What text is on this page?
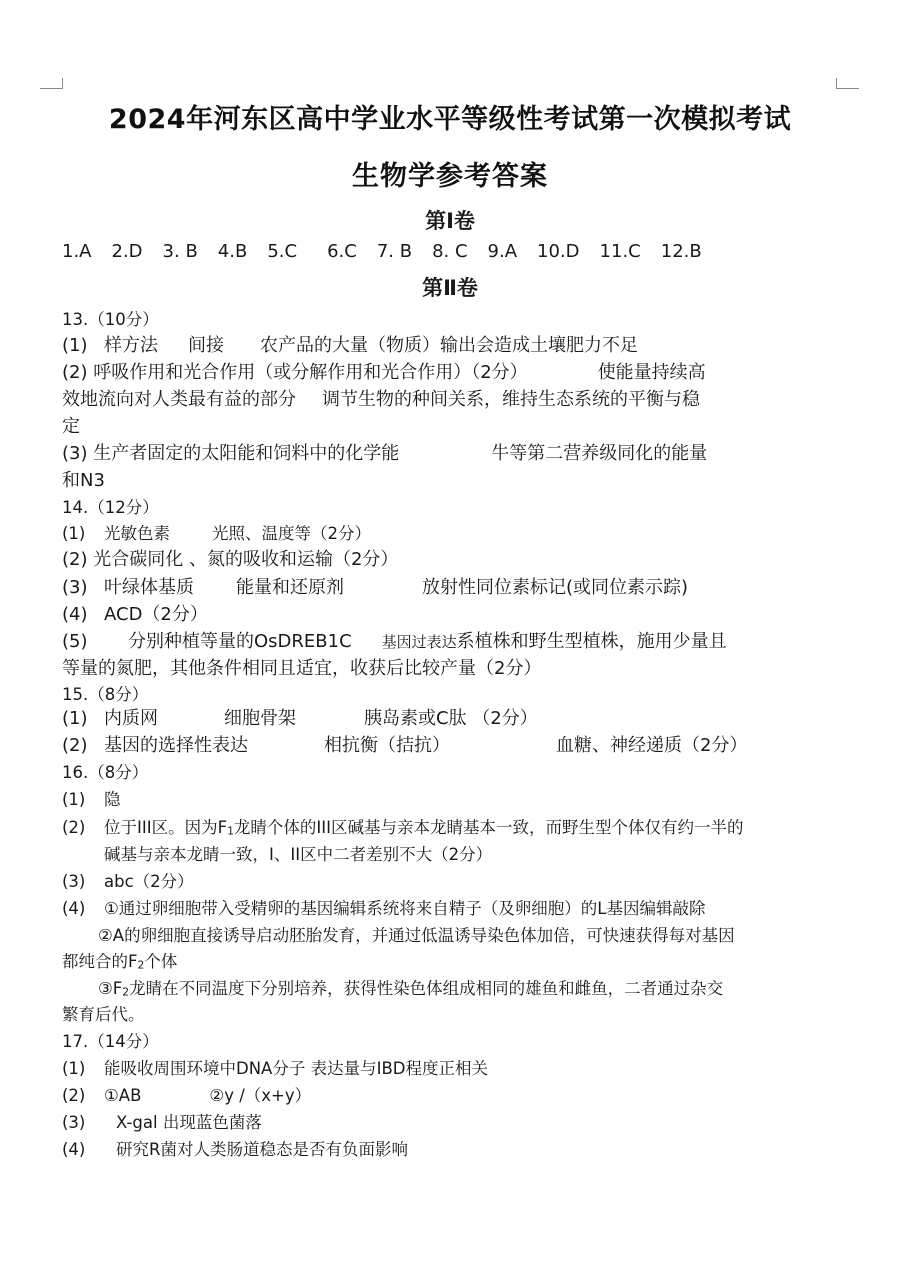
2024年河东区高中学业水平等级性考试第一次模拟考试
生物学参考答案
第Ⅰ卷
1.A 2.D 3. B 4.B 5.C 6.C 7. B 8. C 9.A 10.D 11.C 12.B
第Ⅱ卷
13.（10分）
(1) 样方法 间接 农产品的大量（物质）输出会造成土壤肥力不足
(2) 呼吸作用和光合作用（或分解作用和光合作用）（2分）	使能量持续高
效地流向对人类最有益的部分 调节生物的种间关系，维持生态系统的平衡与稳
定
(3) 生产者固定的太阳能和饲料中的化学能	牛等第二营养级同化的能量
和N3
14.（12分）
(1) 光敏色素	光照、温度等（2分）
(2) 光合碳同化 、氮的吸收和运输（2分）
(3) 叶绿体基质 能量和还原剂	放射性同位素标记(或同位素示踪)
(4) ACD（2分）
(5) 分别种植等量的OsDREB1C 基因过表达系植株和野生型植株，施用少量且
等量的氮肥，其他条件相同且适宜，收获后比较产量（2分）
15.（8分）
(1) 内质网	细胞骨架	胰岛素或C肽 （2分）
(2) 基因的选择性表达	相抗衡（拮抗）	血糖、神经递质（2分）
16.（8分）
(1) 隐
(2) 位于III区。因为$F_1$龙睛个体的III区碱基与亲本龙睛基本一致，而野生型个体仅有约一半的
碱基与亲本龙睛一致，I、II区中二者差别不大（2分）
(3) abc（2分）
(4) ①通过卵细胞带入受精卵的基因编辑系统将来自精子（及卵细胞）的L基因编辑敲除
②A的卵细胞直接诱导启动胚胎发育，并通过低温诱导染色体加倍，可快速获得每对基因
都纯合的$F_2$个体
$③F_2$龙睛在不同温度下分别培养，获得性染色体组成相同的雄鱼和雌鱼，二者通过杂交
繁育后代。
17.（14分）
(1) 能吸收周围环境中DNA分子 表达量与IBD程度正相关
(2) ①AB	②y /（x+y）
(3) X-gal 出现蓝色菌落
(4) 研究R菌对人类肠道稳态是否有负面影响
